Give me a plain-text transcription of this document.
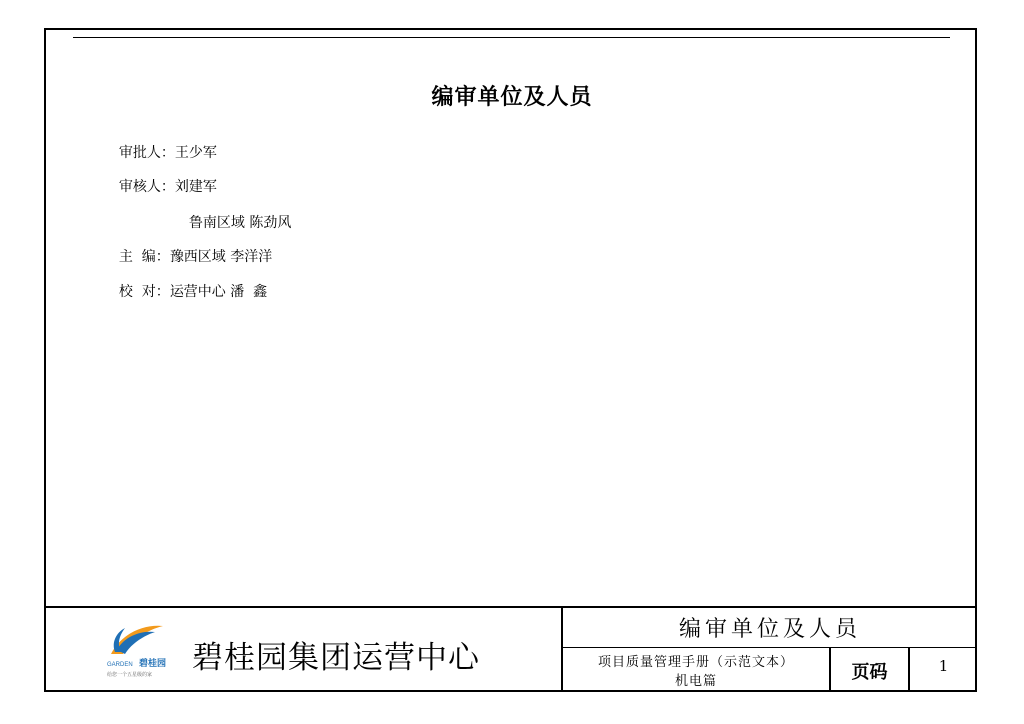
编审单位及人员

审批人：王少军

审核人：刘建军

鲁南区域 陈劲风

主  编：豫西区域 李洋洋

校  对：运营中心 潘  鑫

GARDEN 碧桂园
给您一个五星级的家 碧桂园集团运营中心
编审单位及人员
项目质量管理手册（示范文本）
机电篇	页码	1
